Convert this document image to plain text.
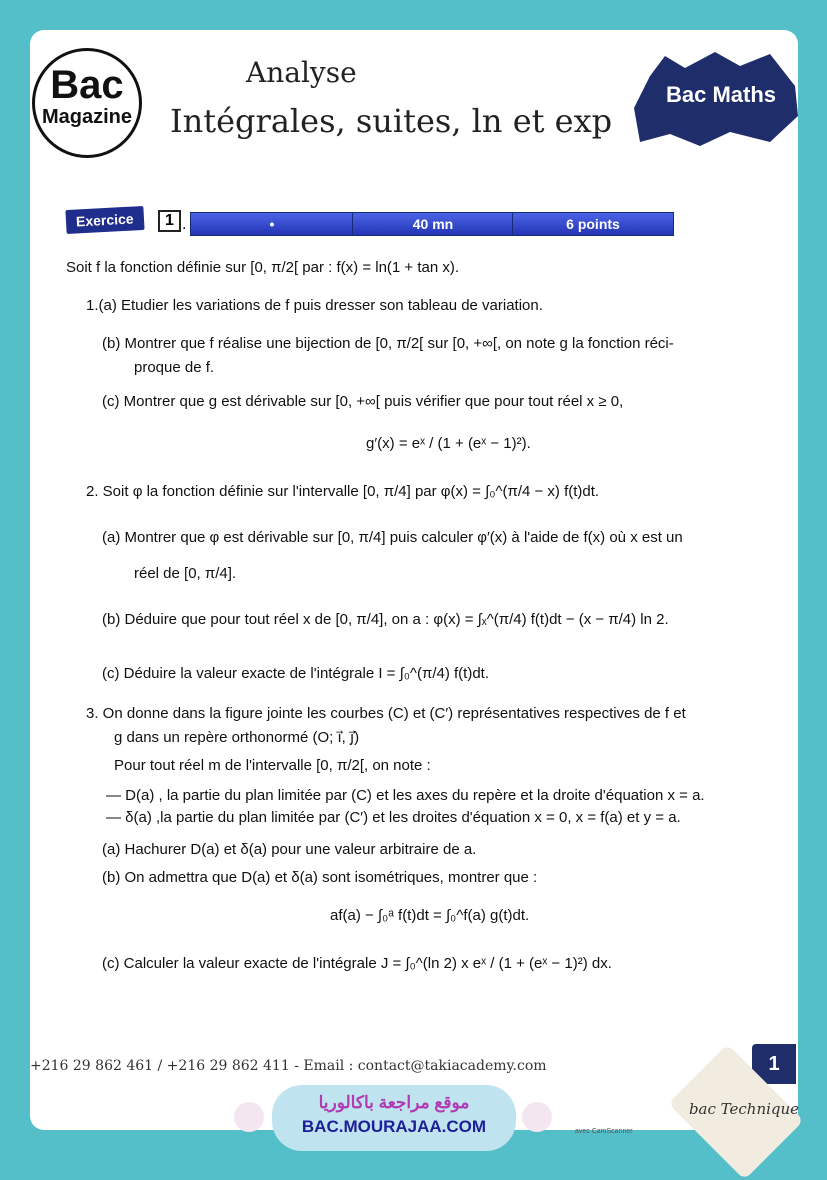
Bac
Magazine
Analyse
Intégrales, suites, ln et exp
Bac Maths
Exercice	1 .	•	40 mn	6 points
Soit f la fonction définie sur [0, π/2[ par : f(x) = ln(1 + tan x).
1.(a) Etudier les variations de f puis dresser son tableau de variation.
(b) Montrer que f réalise une bijection de [0, π/2[ sur [0, +∞[, on note g la fonction réci-
proque de f.
(c) Montrer que g est dérivable sur [0, +∞[ puis vérifier que pour tout réel x ≥ 0,
g′(x) = eˣ / (1 + (eˣ − 1)²).
2. Soit φ la fonction définie sur l'intervalle [0, π/4] par φ(x) = ∫₀^(π/4 − x) f(t)dt.
(a) Montrer que φ est dérivable sur [0, π/4] puis calculer φ′(x) à l'aide de f(x) où x est un
réel de [0, π/4].
(b) Déduire que pour tout réel x de [0, π/4], on a : φ(x) = ∫ₓ^(π/4) f(t)dt − (x − π/4) ln 2.
(c) Déduire la valeur exacte de l'intégrale I = ∫₀^(π/4) f(t)dt.
3. On donne dans la figure jointe les courbes (C) et (C′) représentatives respectives de f et
g dans un repère orthonormé (O; i⃗, j⃗)
Pour tout réel m de l'intervalle [0, π/2[, on note :
— D(a) , la partie du plan limitée par (C) et les axes du repère et la droite d'équation x = a.
— δ(a) ,la partie du plan limitée par (C′) et les droites d'équation x = 0, x = f(a) et y = a.
(a) Hachurer D(a) et δ(a) pour une valeur arbitraire de a.
(b) On admettra que D(a) et δ(a) sont isométriques, montrer que :
af(a) − ∫₀ᵃ f(t)dt = ∫₀^f(a) g(t)dt.
(c) Calculer la valeur exacte de l'intégrale J = ∫₀^(ln 2) x eˣ / (1 + (eˣ − 1)²) dx.
+216 29 862 461 / +216 29 862 411 - Email : contact@takiacademy.com	1
avec CamScanner
موقع مراجعة باكالوريا
BAC.MOURAJAA.COM
bac Technique
